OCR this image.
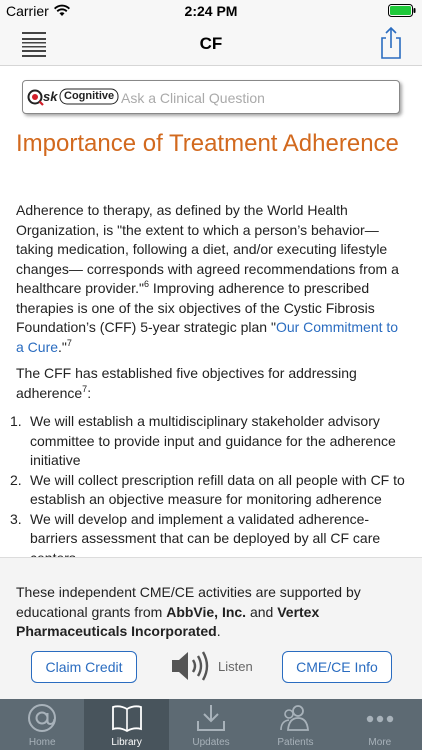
Carrier	2:24 PM
CF
sk Cognitive
Ask a Clinical Question
Importance of Treatment Adherence

Adherence to therapy, as defined by the World Health Organization, is "the extent to which a person’s behavior—taking medication, following a diet, and/or executing lifestyle changes— corresponds with agreed recommendations from a healthcare provider."$^6$ Improving adherence to prescribed therapies is one of the six objectives of the Cystic Fibrosis Foundation’s (CFF) 5-year strategic plan "Our Commitment to a Cure."$^7$

The CFF has established five objectives for addressing adherence$^7$:

1. We will establish a multidisciplinary stakeholder advisory committee to provide input and guidance for the adherence initiative
2. We will collect prescription refill data on all people with CF to establish an objective measure for monitoring adherence
3. We will develop and implement a validated adherence-barriers assessment that can be deployed by all CF care

These independent CME/CE activities are supported by educational grants from AbbVie, Inc. and Vertex Pharmaceuticals Incorporated.

Claim Credit	Listen	CME/CE Info
Home	Library	Updates	Patients	More
